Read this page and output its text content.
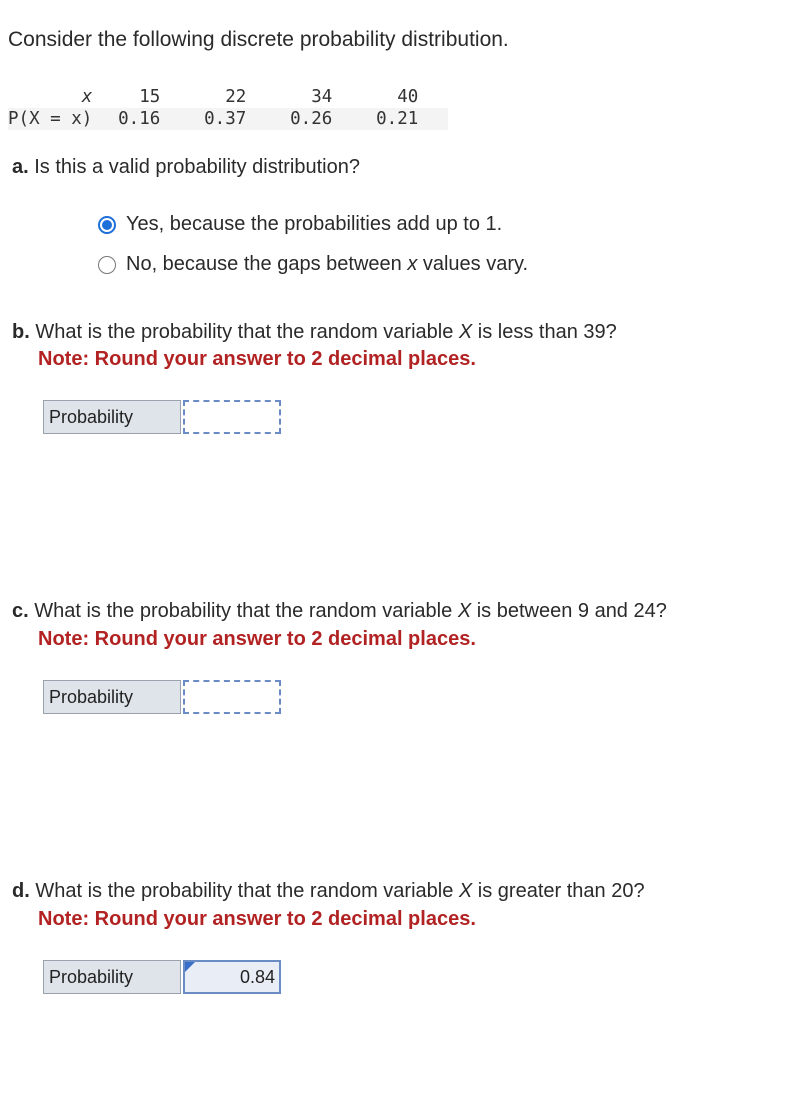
Consider the following discrete probability distribution.
x	15	22	34	40	
P(X = x)	0.16	0.37	0.26	0.21	
a. Is this a valid probability distribution?
Yes, because the probabilities add up to 1.
No, because the gaps between x values vary.
b. What is the probability that the random variable X is less than 39?
Note: Round your answer to 2 decimal places.
Probability
c. What is the probability that the random variable X is between 9 and 24?
Note: Round your answer to 2 decimal places.
Probability
d. What is the probability that the random variable X is greater than 20?
Note: Round your answer to 2 decimal places.
Probability	0.84
